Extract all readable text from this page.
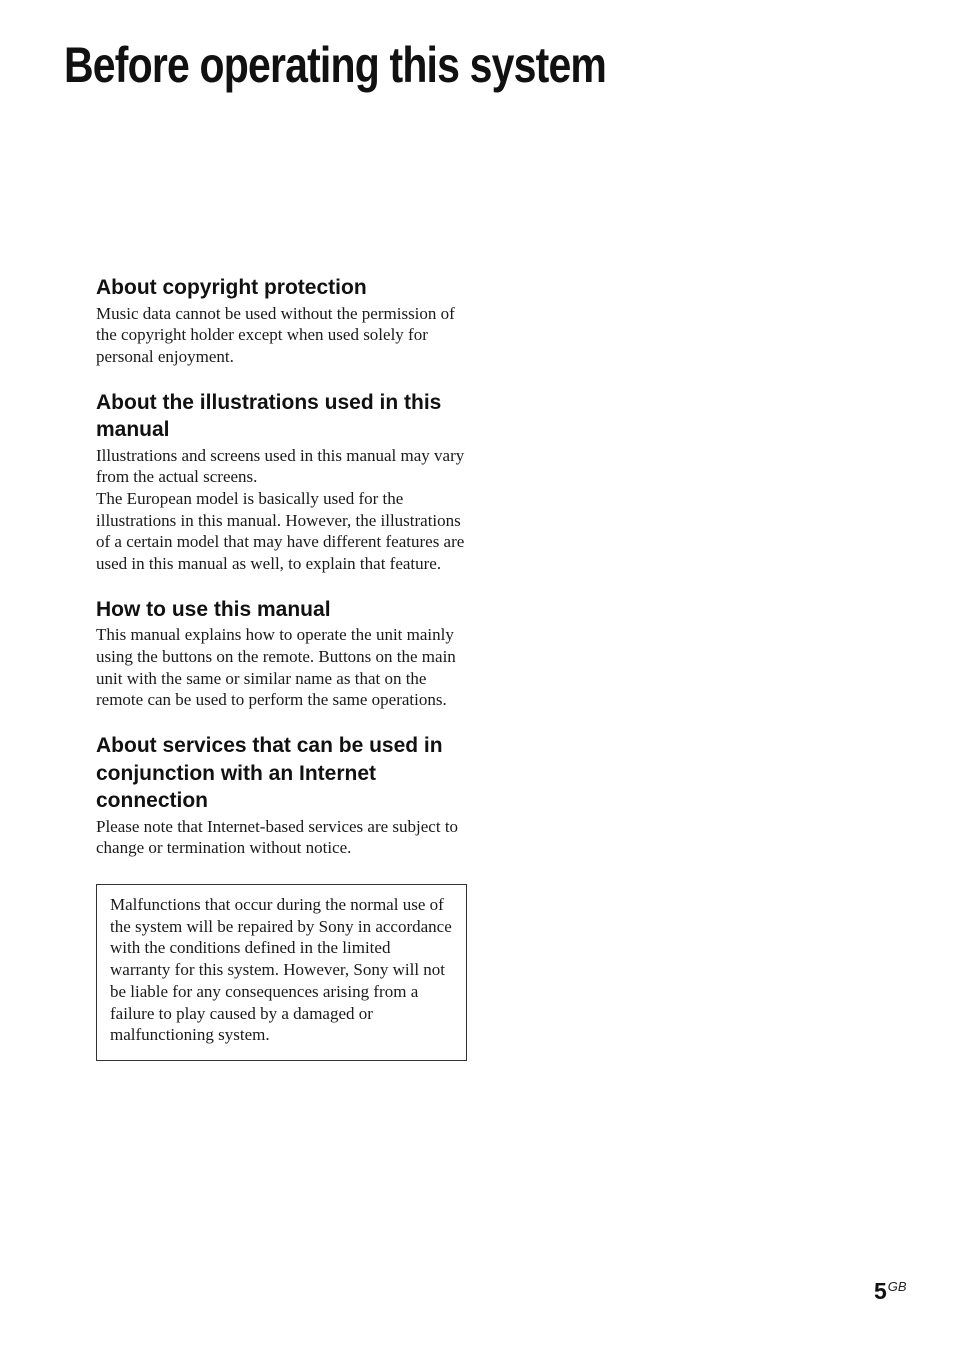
Before operating this system
About copyright protection

Music data cannot be used without the permission of the copyright holder except when used solely for personal enjoyment.

About the illustrations used in this manual

Illustrations and screens used in this manual may vary from the actual screens.
The European model is basically used for the illustrations in this manual. However, the illustrations of a certain model that may have different features are used in this manual as well, to explain that feature.

How to use this manual

This manual explains how to operate the unit mainly using the buttons on the remote. Buttons on the main unit with the same or similar name as that on the remote can be used to perform the same operations.

About services that can be used in conjunction with an Internet connection

Please note that Internet-based services are subject to change or termination without notice.

Malfunctions that occur during the normal use of the system will be repaired by Sony in accordance with the conditions defined in the limited warranty for this system. However, Sony will not be liable for any consequences arising from a failure to play caused by a damaged or malfunctioning system.

$5^{GB}$
